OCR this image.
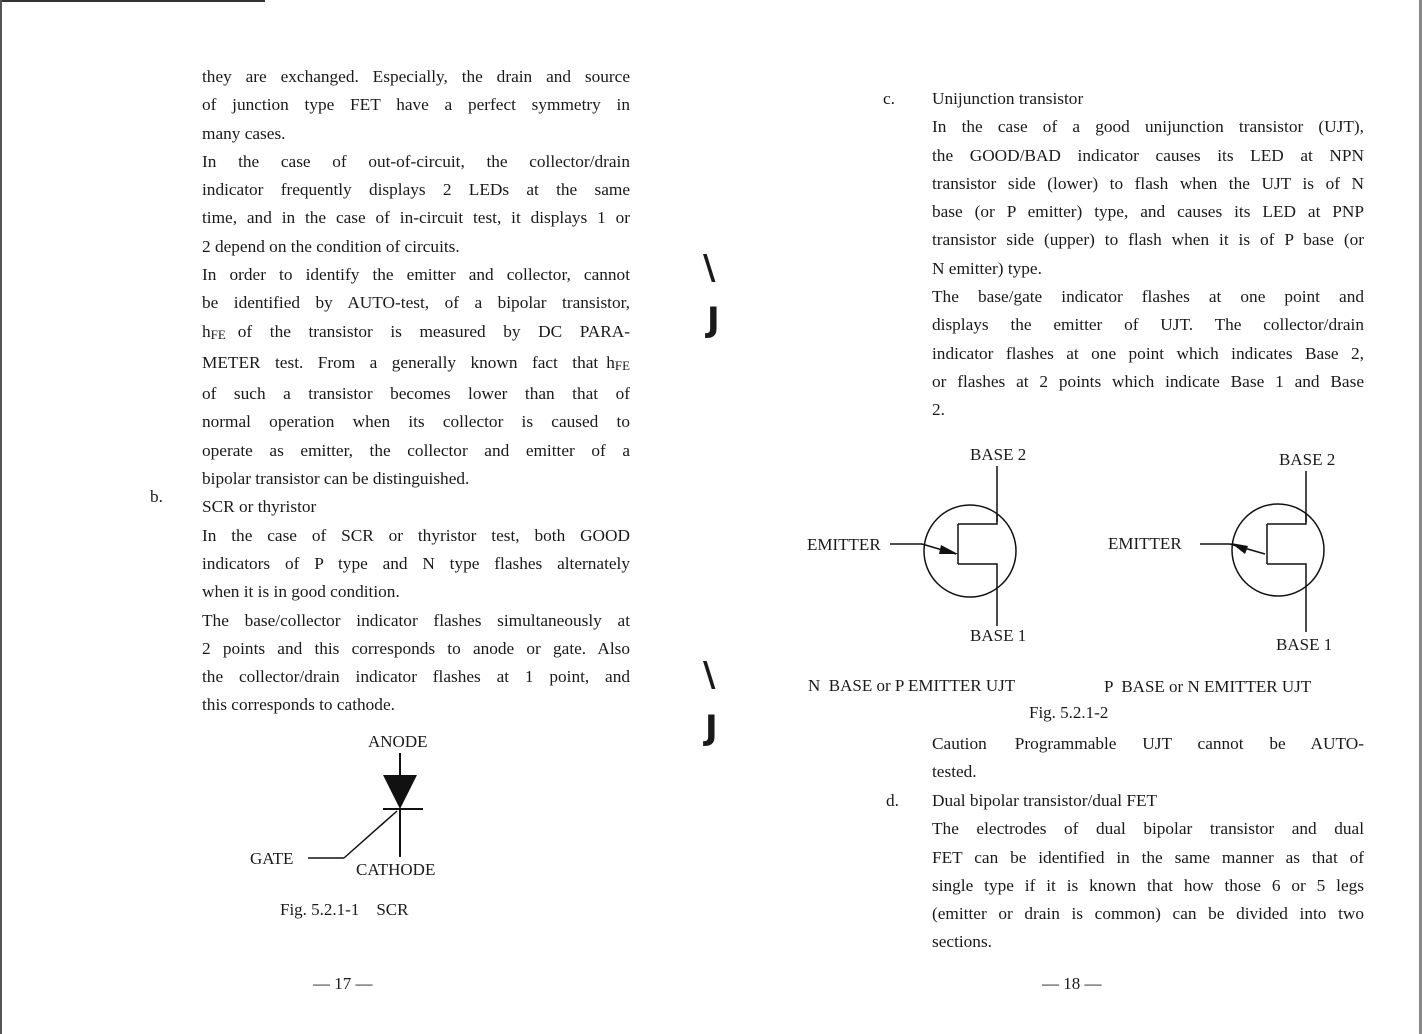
they are exchanged. Especially, the drain and source

of junction type FET have a perfect symmetry in

many cases.

In the case of out-of-circuit, the collector/drain

indicator frequently displays 2 LEDs at the same

time, and in the case of in-circuit test, it displays 1 or

2 depend on the condition of circuits.

In order to identify the emitter and collector, cannot

be identified by AUTO-test, of a bipolar transistor,

$h_{FE}$ of the transistor is measured by DC PARA-

METER test. From a generally known fact that $h_{FE}$

of such a transistor becomes lower than that of

normal operation when its collector is caused to

operate as emitter, the collector and emitter of a

bipolar transistor can be distinguished.

SCR or thyristor

In the case of SCR or thyristor test, both GOOD

indicators of P type and N type flashes alternately

when it is in good condition.

The base/collector indicator flashes simultaneously at

2 points and this corresponds to anode or gate. Also

the collector/drain indicator flashes at 1 point, and

this corresponds to cathode.

b.
ANODE
GATE
CATHODE
Fig. 5.2.1-1    SCR
— 17 —
\
J
\
J
c. Unijunction transistor

In the case of a good unijunction transistor (UJT),

the GOOD/BAD indicator causes its LED at NPN

transistor side (lower) to flash when the UJT is of N

base (or P emitter) type, and causes its LED at PNP

transistor side (upper) to flash when it is of P base (or

N emitter) type.

The base/gate indicator flashes at one point and

displays the emitter of UJT. The collector/drain

indicator flashes at one point which indicates Base 2,

or flashes at 2 points which indicate Base 1 and Base

2.

BASE 2
EMITTER
BASE 1
BASE 2
EMITTER
BASE 1
N  BASE or P EMITTER UJT	P  BASE or N EMITTER UJT
Fig. 5.2.1-2

Caution Programmable UJT cannot be AUTO-

tested.

d. Dual bipolar transistor/dual FET

The electrodes of dual bipolar transistor and dual

FET can be identified in the same manner as that of

single type if it is known that how those 6 or 5 legs

(emitter or drain is common) can be divided into two

sections.

— 18 —
